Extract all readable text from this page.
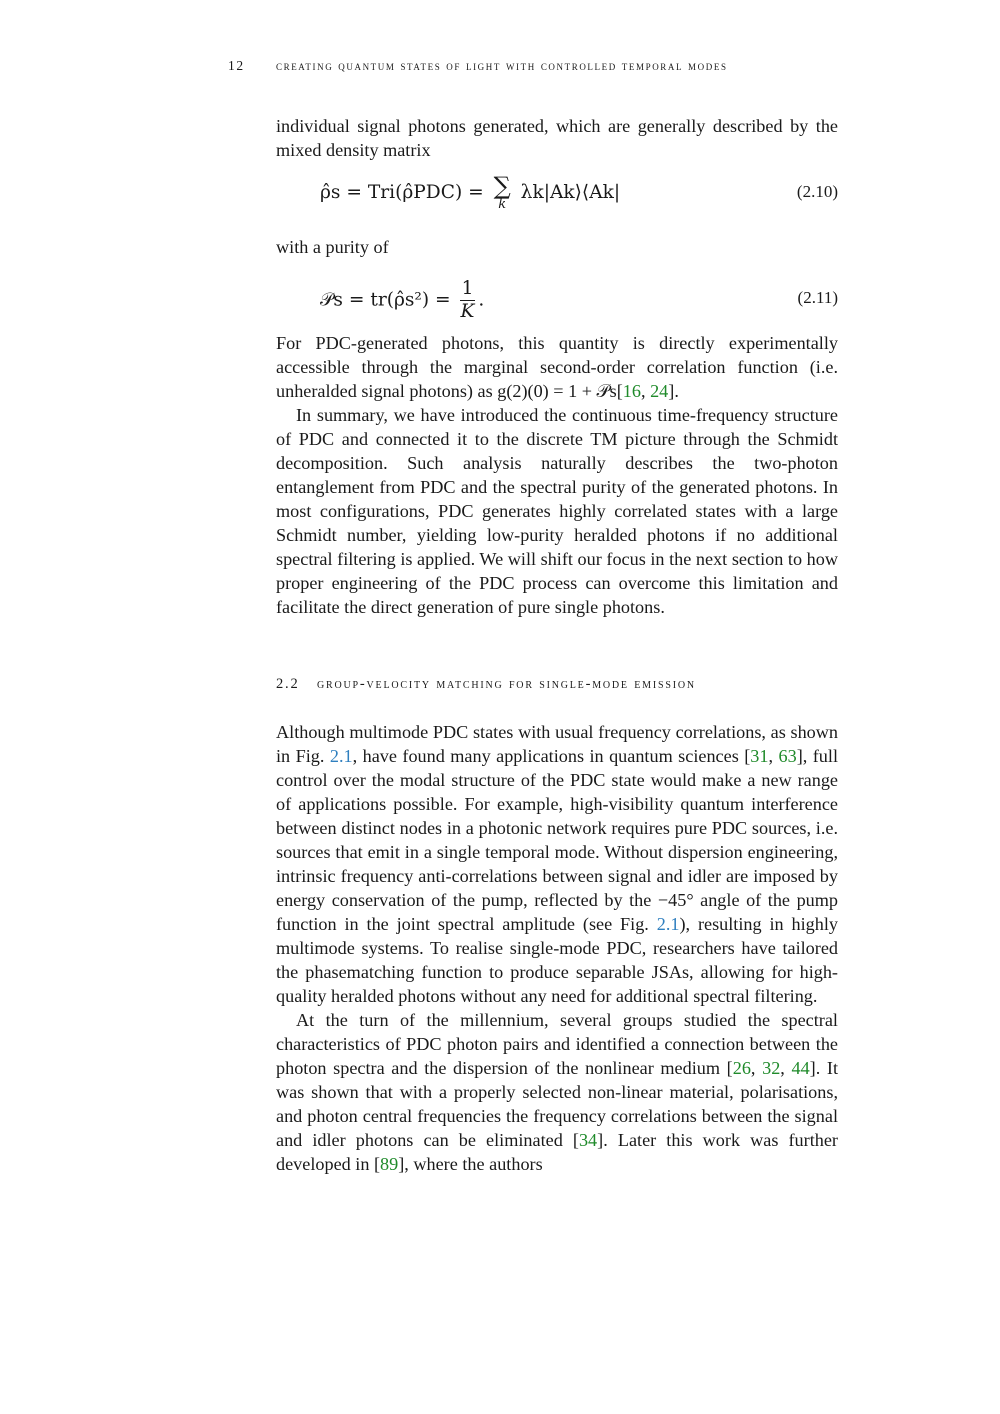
12 creating quantum states of light with controlled temporal modes

individual signal photons generated, which are generally described by the mixed density matrix

ρ̂s = Tri(ρ̂PDC) = ∑
k
λk|Ak⟩⟨Ak|	(2.10)

with a purity of

𝒫s = tr(ρ̂s²) = $\frac{1}{K}$ .	(2.11)

For PDC-generated photons, this quantity is directly experimentally accessible through the marginal second-order correlation function (i.e. unheralded signal photons) as g(2)(0) = 1 + 𝒫s[16, 24].

In summary, we have introduced the continuous time-frequency structure of PDC and connected it to the discrete TM picture through the Schmidt decomposition. Such analysis naturally describes the two-photon entanglement from PDC and the spectral purity of the generated photons. In most configurations, PDC generates highly correlated states with a large Schmidt number, yielding low-purity heralded photons if no additional spectral filtering is applied. We will shift our focus in the next section to how proper engineering of the PDC process can overcome this limitation and facilitate the direct generation of pure single photons.

2.2 group-velocity matching for single-mode emission

Although multimode PDC states with usual frequency correlations, as shown in Fig. 2.1, have found many applications in quantum sciences [31, 63], full control over the modal structure of the PDC state would make a new range of applications possible. For example, high-visibility quantum interference between distinct nodes in a photonic network requires pure PDC sources, i.e. sources that emit in a single temporal mode. Without dispersion engineering, intrinsic frequency anti-correlations between signal and idler are imposed by energy conservation of the pump, reflected by the −45° angle of the pump function in the joint spectral amplitude (see Fig. 2.1), resulting in highly multimode systems. To realise single-mode PDC, researchers have tailored the phasematching function to produce separable JSAs, allowing for high-quality heralded photons without any need for additional spectral filtering.

At the turn of the millennium, several groups studied the spectral characteristics of PDC photon pairs and identified a connection between the photon spectra and the dispersion of the nonlinear medium [26, 32, 44]. It was shown that with a properly selected non-linear material, polarisations, and photon central frequencies the frequency correlations between the signal and idler photons can be eliminated [34]. Later this work was further developed in [89], where the authors
